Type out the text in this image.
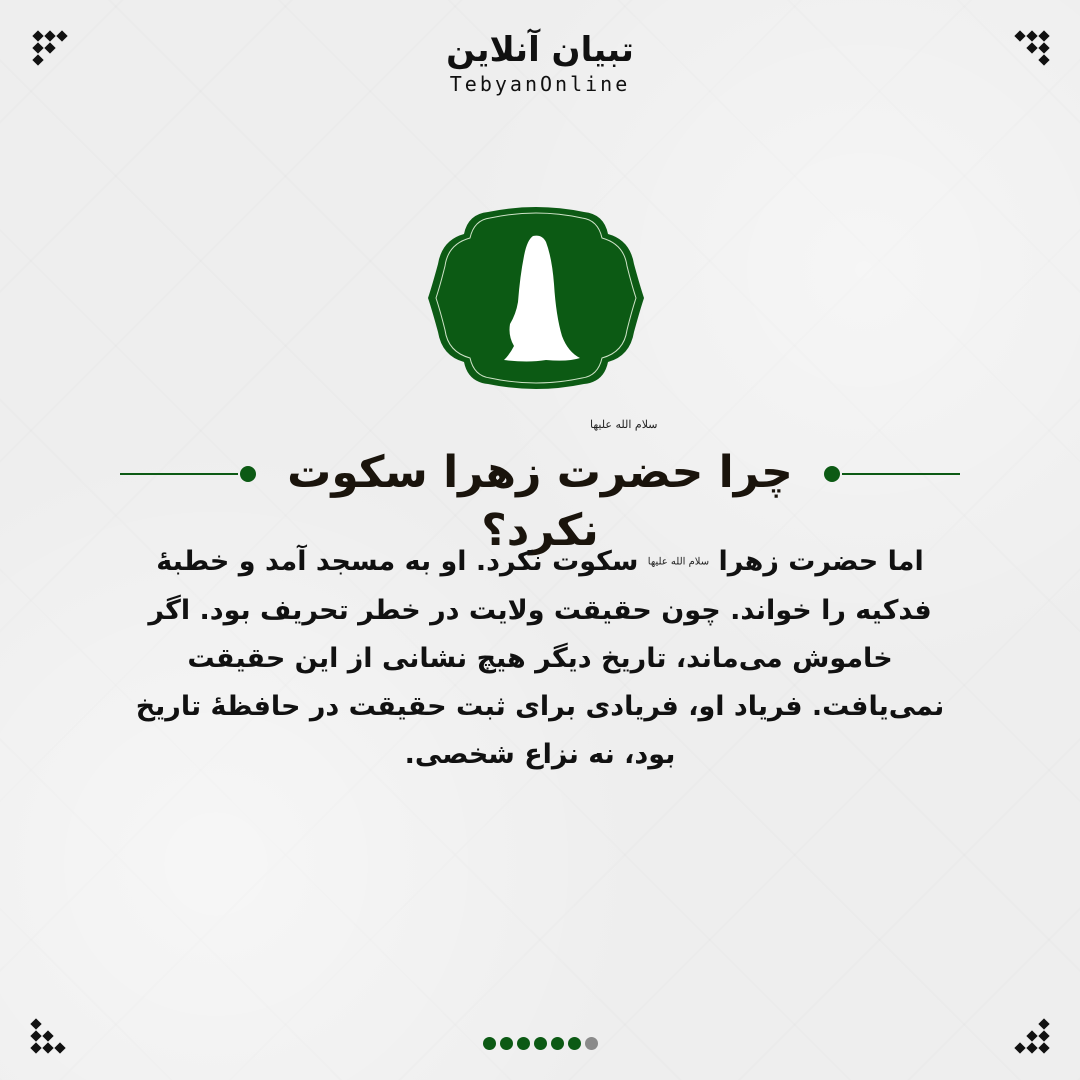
تبیان آنلاین
TebyanOnline
چرا حضرت زهرا سکوت نکرد؟
سلام الله علیها
اما حضرت زهرا سلام الله علیها سکوت نکرد. او به مسجد آمد و خطبهٔ فدکیه را خواند. چون حقیقت ولایت در خطر تحریف بود. اگر خاموش می‌ماند، تاریخ دیگر هیچ نشانی از این حقیقت نمی‌یافت. فریاد او، فریادی برای ثبت حقیقت در حافظهٔ تاریخ بود، نه نزاع شخصی.
